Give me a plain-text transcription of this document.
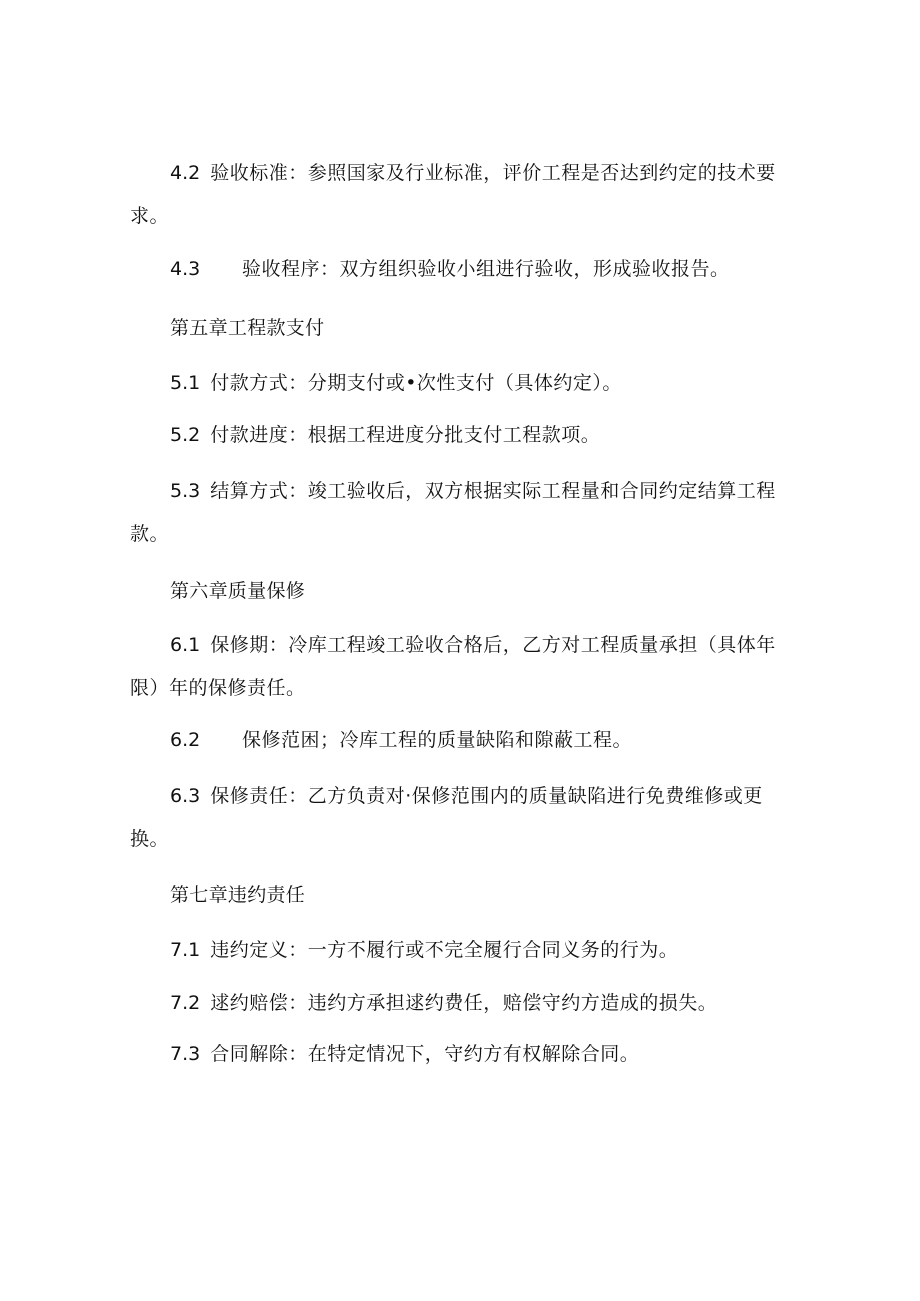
4.2 验收标准：参照国家及行业标准，评价工程是否达到约定的技术要求。

4.3 验收程序：双方组织验收小组进行验收，形成验收报告。

第五章工程款支付

5.1 付款方式：分期支付或•次性支付（具体约定）。

5.2 付款进度：根据工程进度分批支付工程款项。

5.3 结算方式：竣工验收后，双方根据实际工程量和合同约定结算工程款。

第六章质量保修

6.1 保修期：冷库工程竣工验收合格后，乙方对工程质量承担（具体年限）年的保修责任。

6.2 保修范困；冷库工程的质量缺陷和隙蔽工程。

6.3 保修责任：乙方负责对·保修范围内的质量缺陷进行免费维修或更换。

第七章违约责任

7.1 违约定义：一方不履行或不完全履行合同义务的行为。

7.2 逑约赔偿：违约方承担逑约费任，赔偿守约方造成的损失。

7.3 合同解除：在特定情况下，守约方有权解除合同。
